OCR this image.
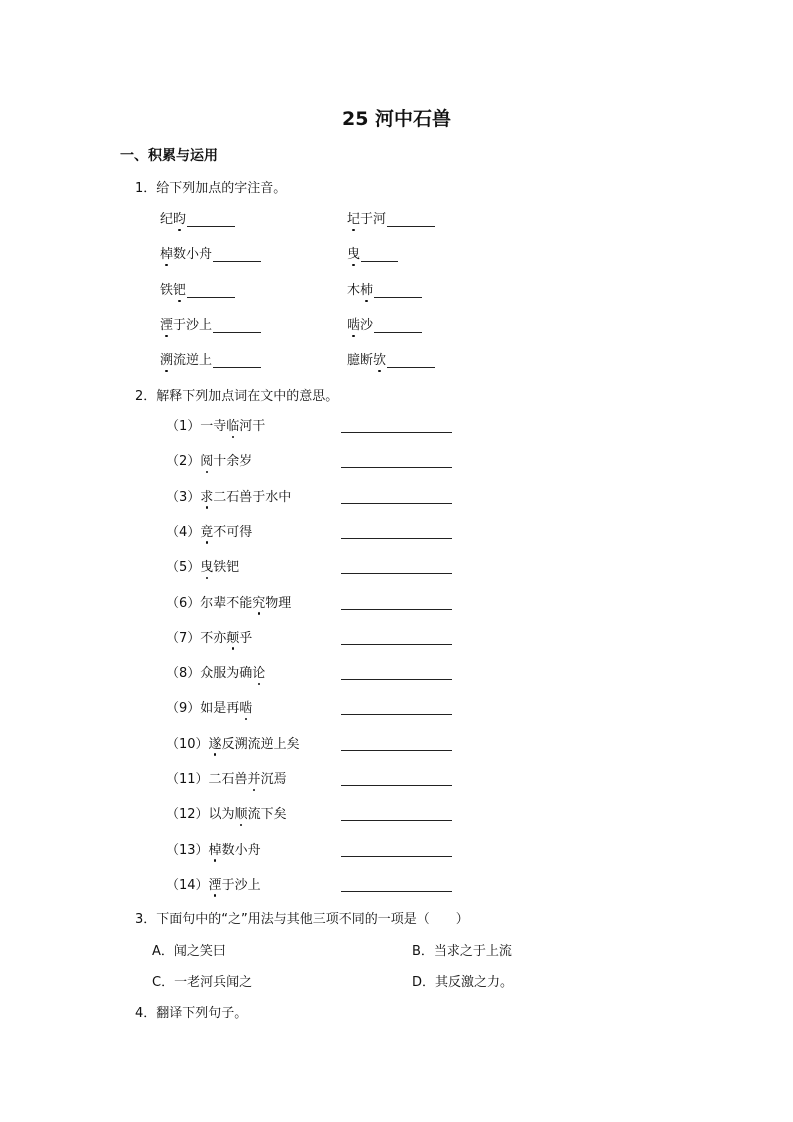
25 河中石兽
一、积累与运用
1．给下列加点的字注音。
纪昀	圮于河
棹数小舟	曳
铁钯	木杮
湮于沙上	啮沙
溯流逆上	臆断欤
2．解释下列加点词在文中的意思。
（1）一寺临河干
（2）阅十余岁
（3）求二石兽于水中
（4）竟不可得
（5）曳铁钯
（6）尔辈不能究物理
（7）不亦颠乎
（8）众服为确论
（9）如是再啮
（10）遂反溯流逆上矣
（11）二石兽并沉焉
（12）以为顺流下矣
（13）棹数小舟
（14）湮于沙上
3．下面句中的“之”用法与其他三项不同的一项是（　　）
A．闻之笑曰	B．当求之于上流
C．一老河兵闻之	D．其反激之力。
4．翻译下列句子。
